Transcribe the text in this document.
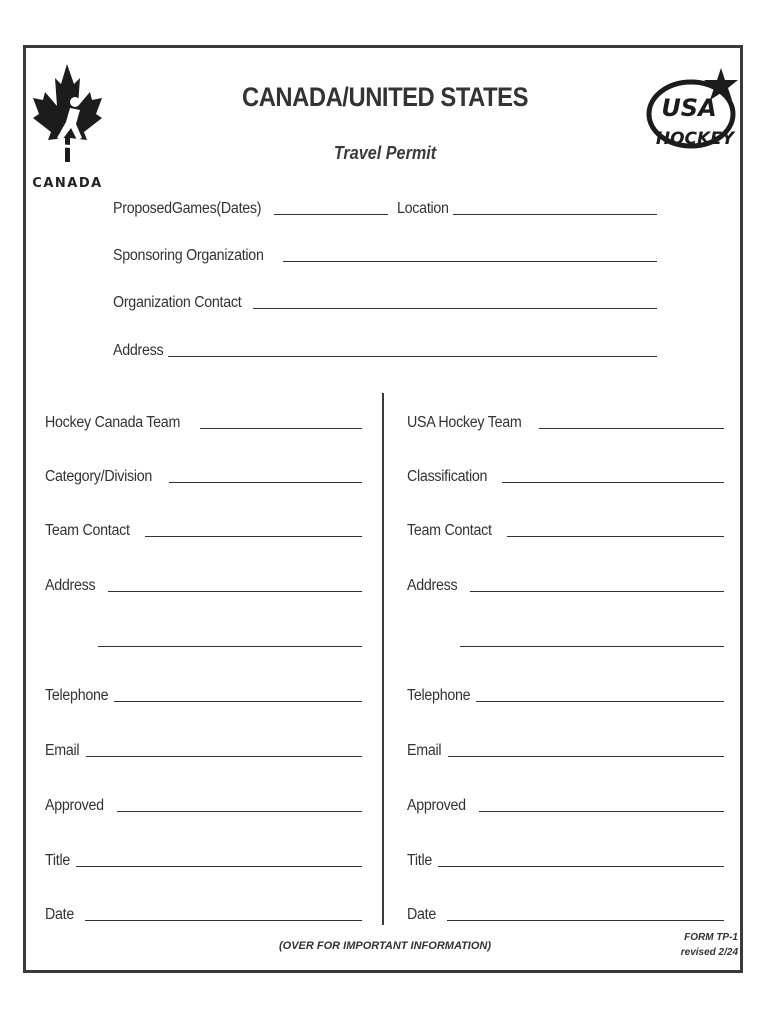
CANADA
USA
HOCKEY
CANADA/UNITED STATES
Travel Permit
ProposedGames(Dates)	Location
Sponsoring Organization
Organization Contact
Address
Hockey Canada Team
Category/Division
Team Contact
Address
Telephone
Email
Approved
Title
Date
USA Hockey Team
Classification
Team Contact
Address
Telephone
Email
Approved
Title
Date
(OVER FOR IMPORTANT INFORMATION)
FORM TP-1
revised 2/24
